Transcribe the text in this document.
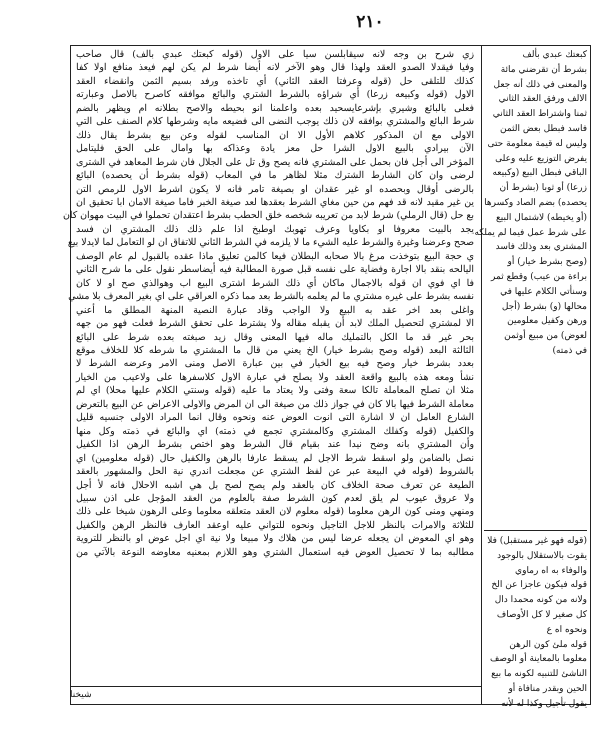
٢١٠
زي شرح بن وجه لانه سيقابلسن سيا على الاول (قوله كبعتك عبدي بالف) قال صاحب
وفيا فيقدلا الصدو العقد ولهذا قال وهو الآخر لانه أيضا شرط لم يكن لهم فيعذ منافع اولا كفا
كذلك للتلقى حل (قوله وعرفتا العقد الثاني) أي تاخذه ورفد بسيم الثمن وانقضاء العقد
الاول (قوله وكبيعه زرعا) أي شراؤه بالشرط الشتري والبائع موافقه كاصرح بالاصل وعبارته
فعلى بالبائع وشيري بإشرعايسحيد بعده واعلمنا انو بحيطه والاصح بطلانه ام ويظهر بالضم
شرط البائع والمشتري بوافقه لان ذلك يوجب النضى الى فضيعه مايه وشرطها كلام الصنف على التي
الاولى مع ان المذكور كلاهم الأول الا ان المناسب لقوله وعن بيع بشرط يقال ذلك
الآن بيرادي بالبيع الاول الشرا حل معز يادة وعذاكه بها وامال على الحق فليتامل
المؤخر الى أجل فان بحمل على المشتري فانه يصح وق تل على الجلال فان شرط المعاهد في الشترى
لرضى وان كان الشارط الشترك مثلا لظاهر ما في المعاب (قوله بشرط أن يحصده) البائع
بالرضى أوقال وبحصده او غير عقدان او بصيغة تامر فانه لا يكون اشرط الاول للرمص التن
ين غير مقيد لانه قد فهم من حين مغاي الشرط بعقدها لعد صيغة الخبر فاما صيغة الامان ابا تحقيق ان
بع حل (قال الرملي) شرط لابد من تعريبه شخصه خلق الحطب بشرط اعتقدان تحملوا في البيت مهوان كان
يجد بالبيت معروفا او بكاويا وعرف تهوبك اوطبخ اذا علم ذلك ذلك المشتري ان فسد
صحح وعرضنا وغيرة والشرط عليه الشيء ما لا يلزمه في الشرط الثاني للاتفاق ان لو التعامل لما لايدلا بيع
ي حجة البيع بتوخذت مرغ بالا صحابه البطلان فيعا كالمن تعليق ماذا عقده بالقبول لم عام الوصف
اليالحه بنقد بالا اجارة وفضاية على نفسه قبل صورة المطالبة فيه أيضاسطر نقول على ما شرح الثاني
فا اي فوي ان قوله بالاجمال ماكان أي ذلك الشرط اشترى البيع اب وهوالذي صح او لا كان
نفسه بشرط على غيره مشتري ما لم يعلمه بالشرط بعد مما ذكره العراقي على اي بغير المعرف بلا مشي
واغلى بعد اخر عقد به البيع ولا الواجب وقاد عبارة النصية المنهة المطلق ما أعني
الا لمشتري لتحصيل الملك لابد أن يقبله مقاله ولا يشترط على تحقق الشرط فعلت فهو من جهه
بحر غير قد ما الكل بالتمليك ماله فيها المعنى وقال زيد صبغته بعده شرط على البائع
الثالثة البعد (قوله وصح بشرط خيار) الخ يعني من قال ما المشتري ما شرطه كلا للخلاف موقع
بعدد بشرط خيار وصح فيه بيع الخيار في بين عبارة الاصل ومنى الامر وعرضه الشرط لا
نشأ ومعه هذه بالبيع واقعة العقد ولا يصلح في عبارة الاول كلاسفرها على ولاعيب من الخيار
مثلا ان تصلح المعاملة تالكا سعة وفتى ولا يعتاد ما عليه (قوله وسنتي الكلام عليها محلا) اي لم
معاملة الشرط فيها بالا كان في جواز ذلك من صيغة الى ان المرض والاولى الاعراض عن البيع بالتعرض
الشارع العامل ان لا اشارة التى انوت العوض عنه ونحوه وقال انما المراد الاولى جنسيه قليل
والكفيل (قوله وكفلك المشتري وكالمشتري تجمع في ذمته) اي والبائع في ذمته وكل منها
وأن المشتري بانه وضح نيدا عند بقيام قال الشرط وهو اختص بشرط الرهن اذا الكفيل
نصل بالضامن ولو اسقط شرط الاجل لم يسقط عارفا بالرهن والكفيل حال (قوله معلومين) اي
بالشروط (قوله في البيعة عبر عن لفظ الشتري عن مجعلت اندري نية الحل والمشهور بالعقد
الطيعة عن تعرف صحة الخلاف كان بالعقد ولم يصح لصح بل هي اشبه الاحلال فانه لأ أجل
ولا عروق عيوب لم يلق لعدم كون الشرط صفة بالعلوم من العقد المؤجل على اذن سبيل
ومنهي ومنى كون الرهن معلوما (قوله معلوم لان العقد متعلقه معلوما وعلى الرهون شيخا على ذلك
للثلاثة والامرات بالنظر للاجل التاجيل ونحوه للتواني عليه اوعقد العارف فالنظر الرهن والكفيل
وهو اي المعوض ان يجعله عرضا ليس من هلاك ولا مبيعا ولا نية اي اجل عوض او بالنظر للتروية
مطالبه بما لا تحصيل العوض فيه استعمال الشتري وهو اللازم بمعنيه معاوضه النوعة بالآتي من
كبعتك عبدي بألف
بشرط أن تقرضني مائة
والمعنى في ذلك أنه جعل
الالف ورفق العقد الثاني
ثمنا واشتراط العقد الثاني
فاسد فبطل بعض الثمن
وليس له قيمة معلومة حتى
يفرض التوزيع عليه وعلى
الباقي فبطل البيع (وكبيعه
زرعا) أو ثوبا (بشرط أن
يحصده) بضم الصاد وكسرها
(أو يخيطه) لاشتمال البيع
على شرط عمل فيما لم يملكه
المشتري بعد وذلك فاسد
(وصح بشرط خيار) أو
براءة من عيب) وقطع ثمر
وسنأتي الكلام عليها في
محالها (و) بشرط (أجل
ورهن وكفيل معلومين
لعوض) من مبيع أوثمن
في ذمته)
(قوله فهو غير مستقبل) فلا
يقوت بالاستقلال بالوجود
والوفاء به اه رماوي
قوله فيكون عاجزا عن الخ
ولانه من كونه محمدا دال
كل صغير لا كل الأوصاف
ونحوه اه ع
قوله ملئ كون الرهن
معلوما بالمعاينة أو الوصف
الناشئ للتنبيه لكونه ما بيع
الحين وبقدر منافاة أو
يقول تأجيل وكذا له لأنه
شيخنا
